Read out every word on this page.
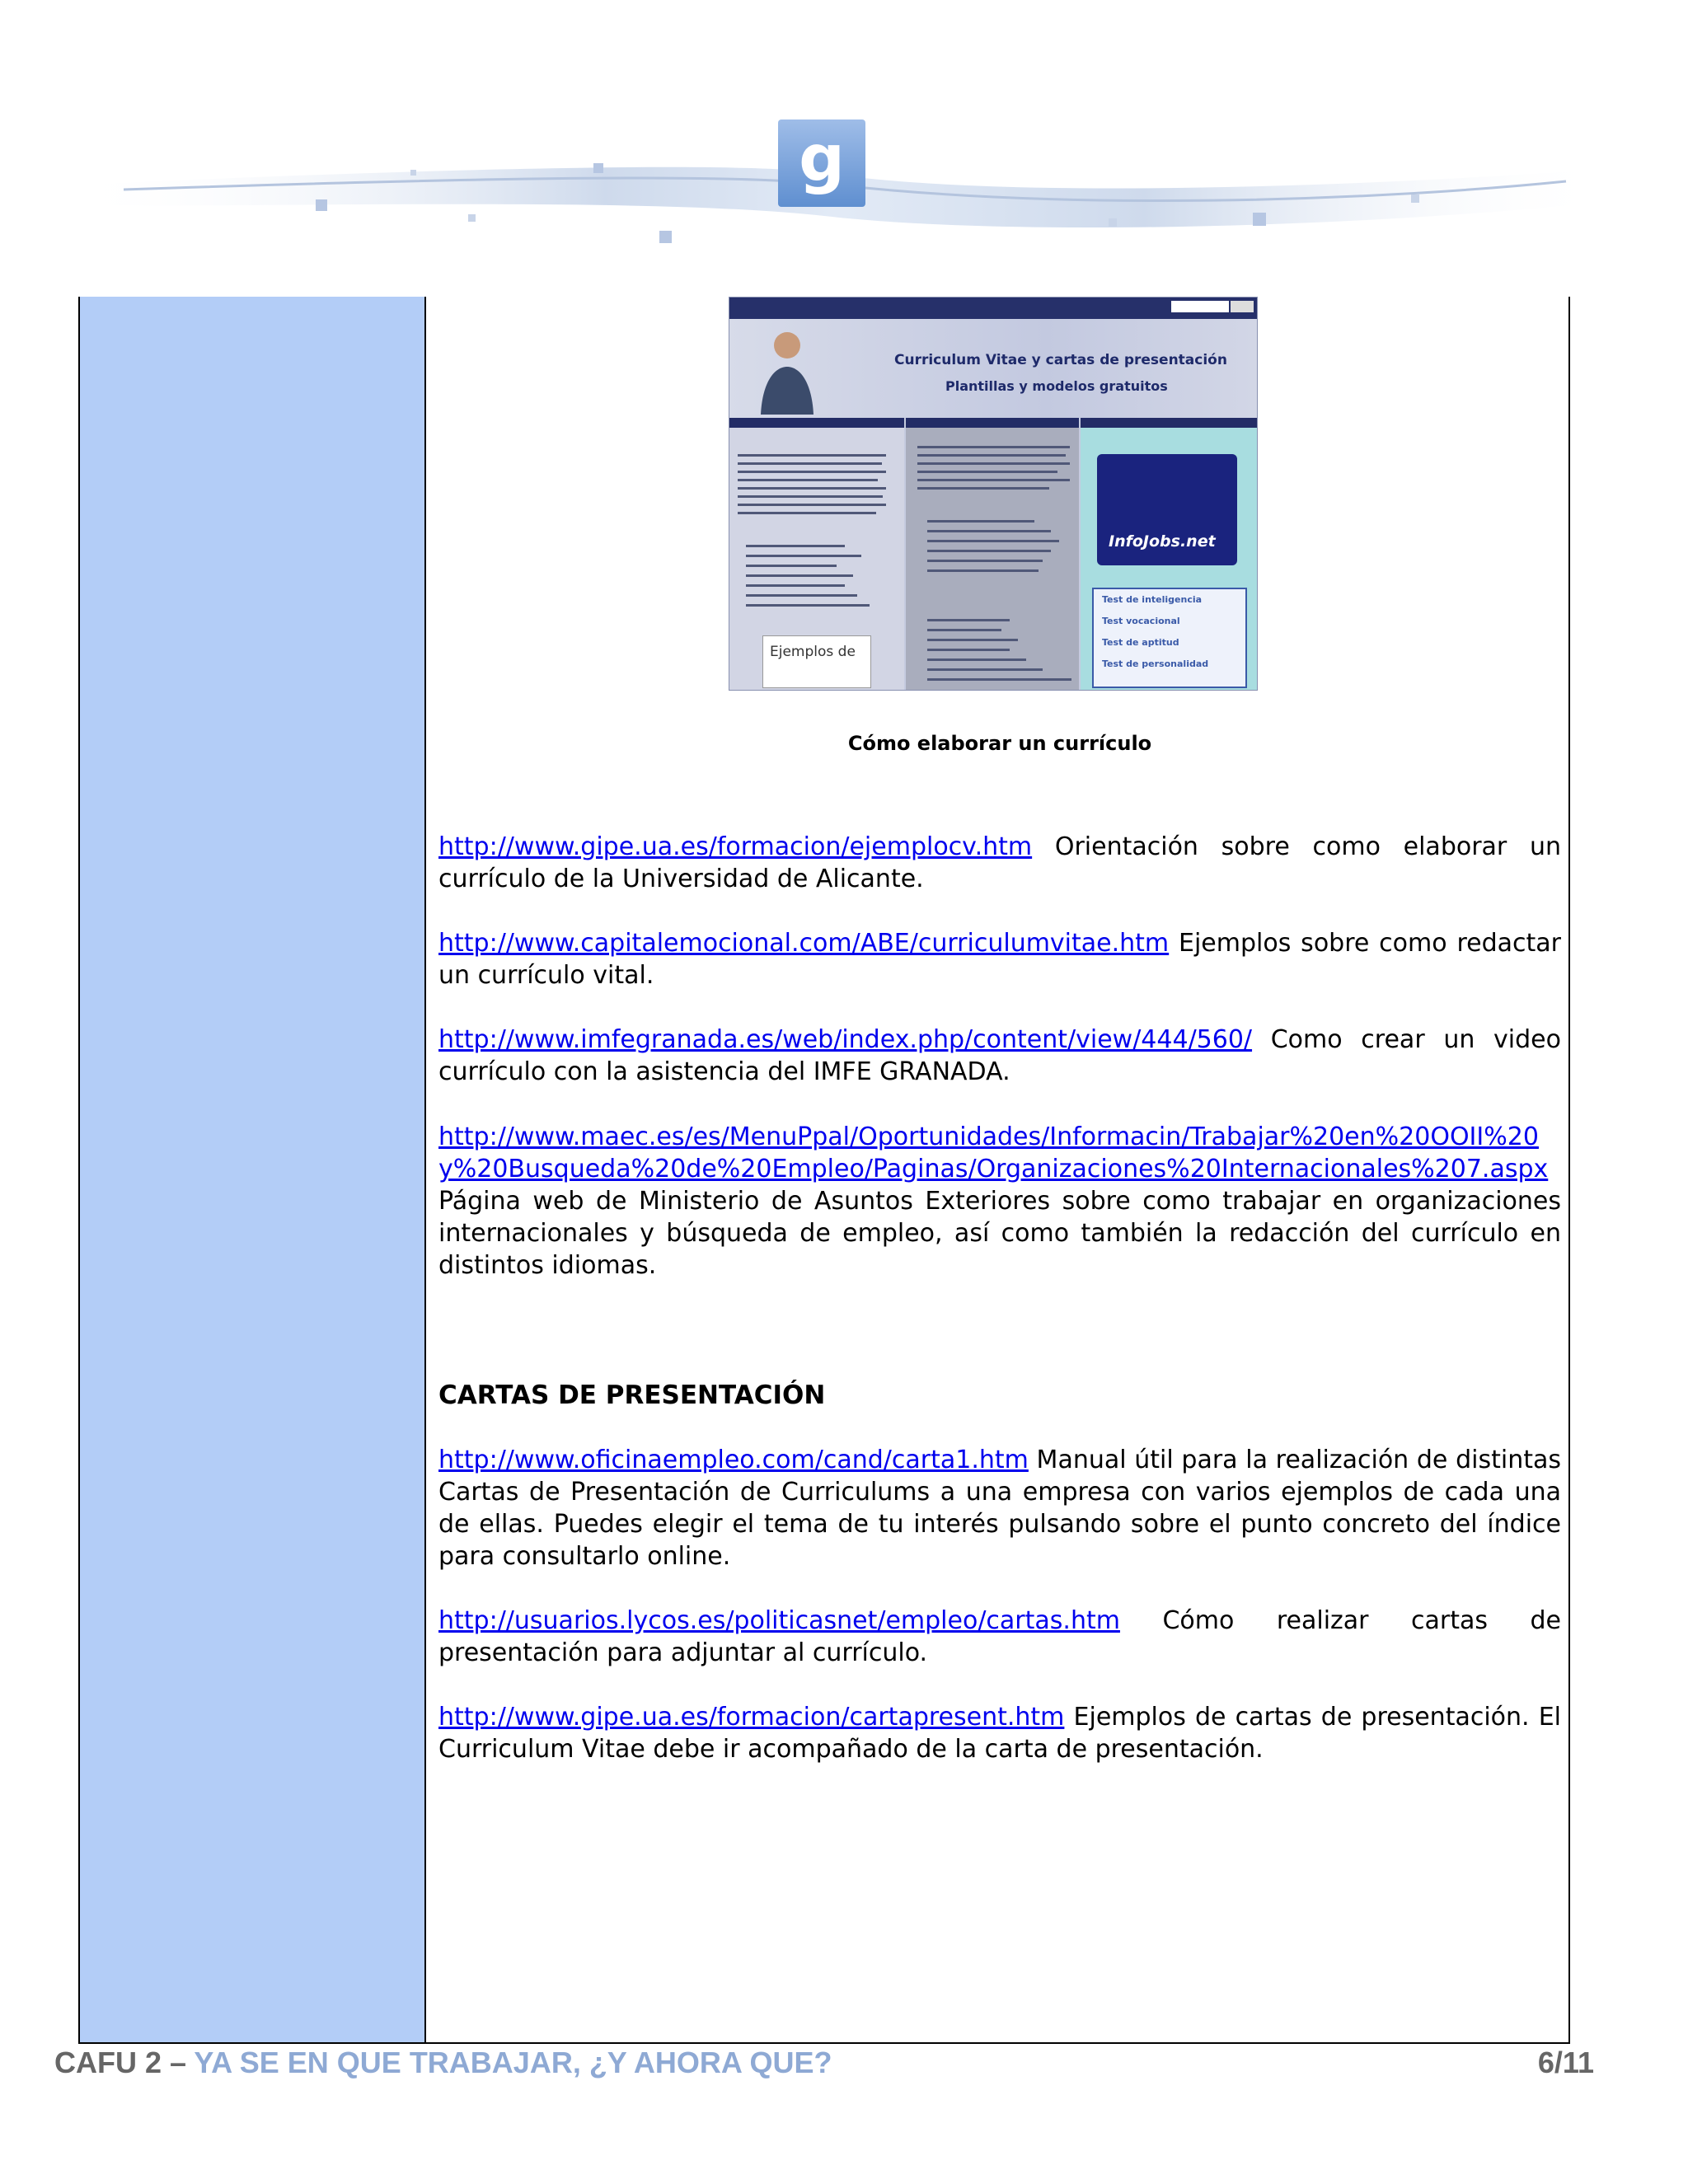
g
Curriculum Vitae y cartas de presentación
Plantillas y modelos gratuitos
InfoJobs.net
Test de inteligencia
Test vocacional
Test de aptitud
Test de personalidad
Ejemplos de
Cómo elaborar un currículo

http://www.gipe.ua.es/formacion/ejemplocv.htm Orientación sobre como elaborar un currículo de la Universidad de Alicante.

http://www.capitalemocional.com/ABE/curriculumvitae.htm Ejemplos sobre como redactar un currículo vital.

http://www.imfegranada.es/web/index.php/content/view/444/560/ Como crear un video currículo con la asistencia del IMFE GRANADA.

http://www.maec.es/es/MenuPpal/Oportunidades/Informacin/Trabajar%20en%20OOII%20y%20Busqueda%20de%20Empleo/Paginas/Organizaciones%20Internacionales%207.aspx Página web de Ministerio de Asuntos Exteriores sobre como trabajar en organizaciones internacionales y búsqueda de empleo, así como también la redacción del currículo en distintos idiomas.

CARTAS DE PRESENTACIÓN

http://www.oficinaempleo.com/cand/carta1.htm Manual útil para la realización de distintas Cartas de Presentación de Curriculums a una empresa con varios ejemplos de cada una de ellas. Puedes elegir el tema de tu interés pulsando sobre el punto concreto del índice para consultarlo online.

http://usuarios.lycos.es/politicasnet/empleo/cartas.htm Cómo realizar cartas de presentación para adjuntar al currículo.

http://www.gipe.ua.es/formacion/cartapresent.htm Ejemplos de cartas de presentación. El Curriculum Vitae debe ir acompañado de la carta de presentación.

CAFU 2 – YA SE EN QUE TRABAJAR, ¿Y AHORA QUE?	6/11
